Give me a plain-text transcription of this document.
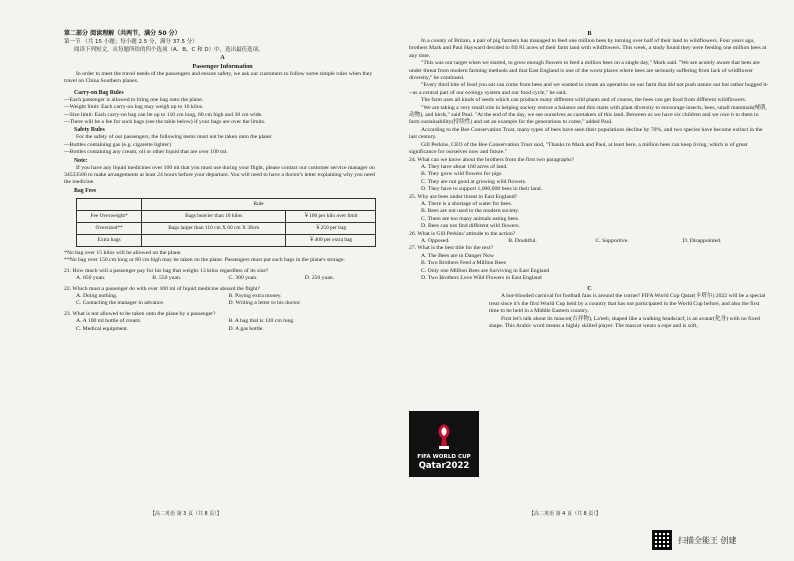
第二部分 阅读理解（共两节，满分 50 分）

第一节 （共 15 小题；每小题 2.5 分，满分 37.5 分）

阅读下列短文，从每题所给的四个选项（A、B、C 和 D）中，选出最佳选项。

A

Passenger Information

In order to meet the travel needs of the passengers and ensure safety, we ask our customers to follow some simple rules when they travel on China Southern planes.

Carry-on Bag Rules

---Each passenger is allowed to bring one bag onto the plane.

---Weight limit: Each carry-on bag may weigh up to 10 kilos.

---Size limit: Each carry-on bag can be up to 110 cm long, 60 cm high and 30 cm wide.

---There will be a fee for such bags (see the table below) if your bags are over the limits.

Safety Rules

For the safety of our passengers, the following items must not be taken onto the plane:

---Bottles containing gas (e.g. cigarette lighter)

---Bottles containing any cream, oil or other liquid that are over 100 ml.

Note:

If you have any liquid medicines over 100 ml that you must use during your flight, please contact our customer service manager on 34533566 to make arrangements at least 24 hours before your departure. You will need to have a doctor's letter explaining why you need the medicine.

Bag Fees

	Rule	
Fee Overweight*	Bags heavier than 10 kilos	￥100 per kilo over limit
Oversized**	Bags larger than 110 cm X 60 cm X 30cm	￥250 per bag
Extra bags		￥400 per extra bag

*No bag over 15 kilos will be allowed on the plane.

**No bag over 150 cm long or 80 cm high may be taken on the plane. Passengers must put such bags in the plane's storage.

21. How much will a passenger pay for his bag that weighs 13 kilos regardless of its size?

A. 850 yuan.	B. 550 yuan.	C. 300 yuan.	D. 250 yuan.

22. Which must a passenger do with over 100 ml of liquid medicine aboard the flight?

A. Doing nothing.	B. Paying extra money.

C. Contacting the manager in advance.	D. Writing a letter to his doctor.

23. What is not allowed to be taken onto the plane by a passenger?

A. A 100 ml bottle of cream.	B. A bag that is 120 cm long.

C. Medical equipment.	D. A gas bottle.

【高二英语 第 3 页（共 8 页）】

B

In a county of Britain, a pair of pig farmers has managed to feed one million bees by turning over half of their land to wildflowers. Four years ago, brothers Mark and Paul Hayward decided to fill 81 acres of their farm land with wildflowers. This week, a study found they were feeding one million bees at any time.

"This was our target when we started, to grow enough flowers to feed a million bees on a single day," Mark said. "We are acutely aware that bees are under threat from modern farming methods and that East England is one of the worst places where bees are seriously suffering from lack of wildflower diversity," he continued.

"Every third bite of food you eat can come from bees and we wanted to create an operation on our farm that did not push nature out but rather hugged it---as a central part of our ecology system and our food cycle," he said.

The farm uses all kinds of seeds which can produce many different wild plants and of course, the bees can get food from different wildflowers.

"We are taking a very small role in helping society restore a balance and this starts with plant diversity to encourage insects, bees, small mammals(哺乳动物), and birds," said Paul. "At the end of the day, we see ourselves as caretakers of this land. Between us we have six children and we owe it to them to farm sustainability(持续性) and set an example for the generations to come," added Paul.

According to the Bee Conservation Trust, many types of bees have seen their populations decline by 70%, and two species have become extinct in the last century.

Gill Perkins, CEO of the Bee Conservation Trust said, "Thanks to Mark and Paul, at least here, a million bees can keep living, which is of great significance for ourselves now and future."

24. What can we know about the brothers from the first two paragraphs?

A. They have about 160 acres of land.

B. They grow wild flowers for pigs.

C. They are not good at growing wild flowers.

D. They have to support 1,000,000 bees in their land.

25. Why are bees under threat in East England?

A. There is a shortage of water for bees.

B. Bees are not used to the modern society.

C. There are too many animals eating bees.

D. Bees can not find different wild flowers.

26. What is Gill Perkins' attitude to the action?

A. Opposed.	B. Doubtful.	C. Supportive.	D. Disappointed.

27. What is the best title for the text?

A. The Bees are in Danger Now

B. Two Brothers Feed a Million Bees

C. Only one Million Bees are Surviving in East England

D. Two Brothers Love Wild Flowers in East England

C

FIFA WORLD CUP
Qatar2022

A hot-blooded carnival for football fans is around the corner! FIFA World Cup Qatar(卡塔尔) 2022 will be a special treat since it's the first World Cup held by a country that has not participated in the World Cup before, and also the first time to be held in a Middle Eastern country.

First let's talk about its mascot(吉祥物), La'eeb, shaped like a walking headscarf, is an avatar(化身) with no fixed shape. This Arabic word means a highly skilled player. The mascot wears a rope and is soft,

【高二英语 第 4 页（共 8 页）】
扫描全能王 创建
